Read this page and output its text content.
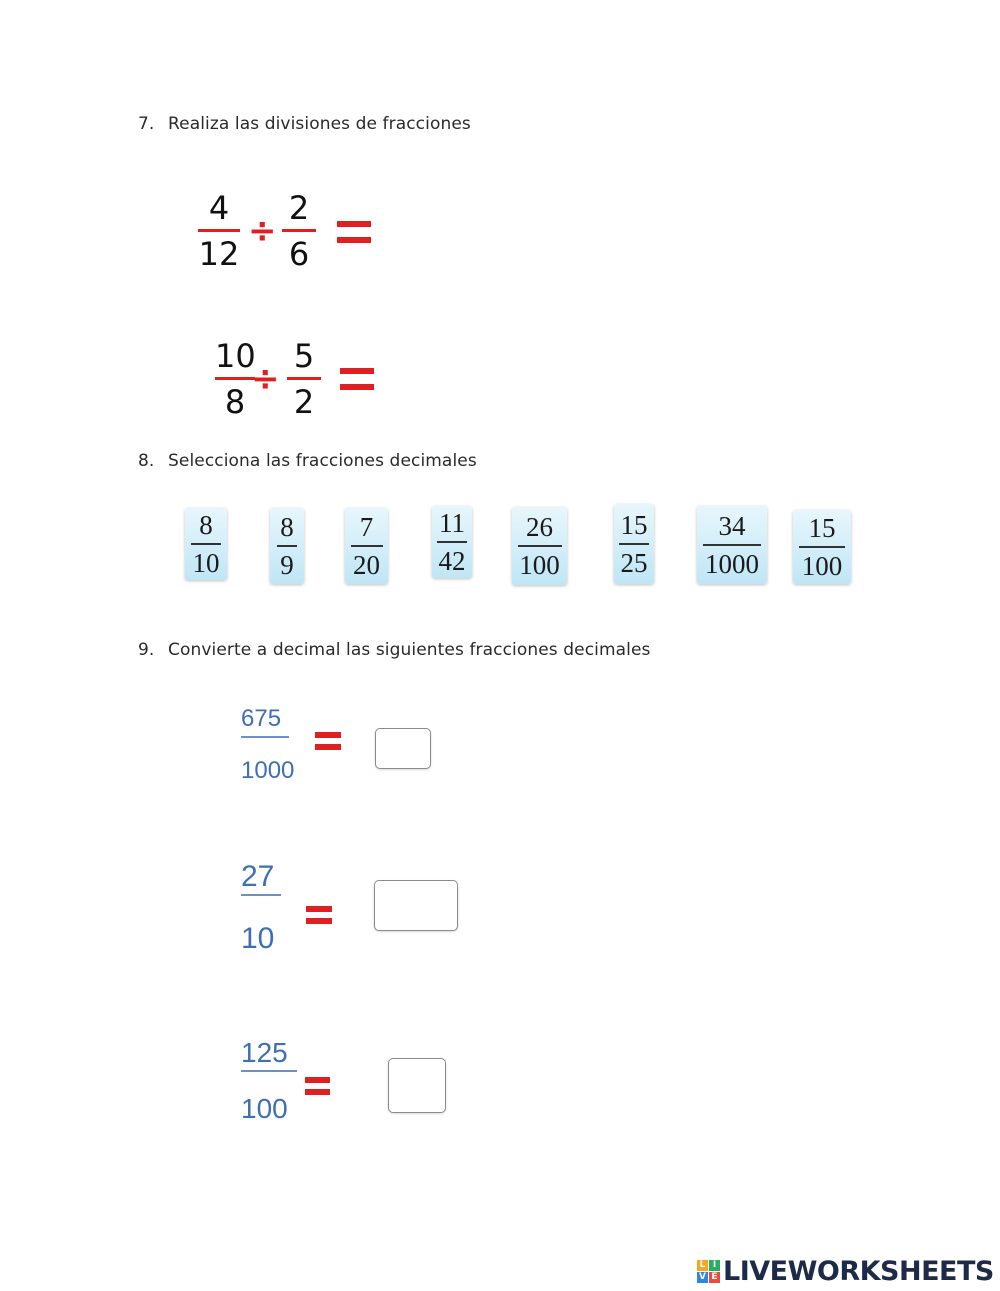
7. Realiza las divisiones de fracciones
4
12
÷
2
6
10
8
÷
5
2
8. Selecciona las fracciones decimales
8
10
8
9
7
20
11
42
26
100
15
25
34
1000
15
100
9. Convierte a decimal las siguientes fracciones decimales
675
1000
27
10
125
100
L I
V E LIVEWORKSHEETS
